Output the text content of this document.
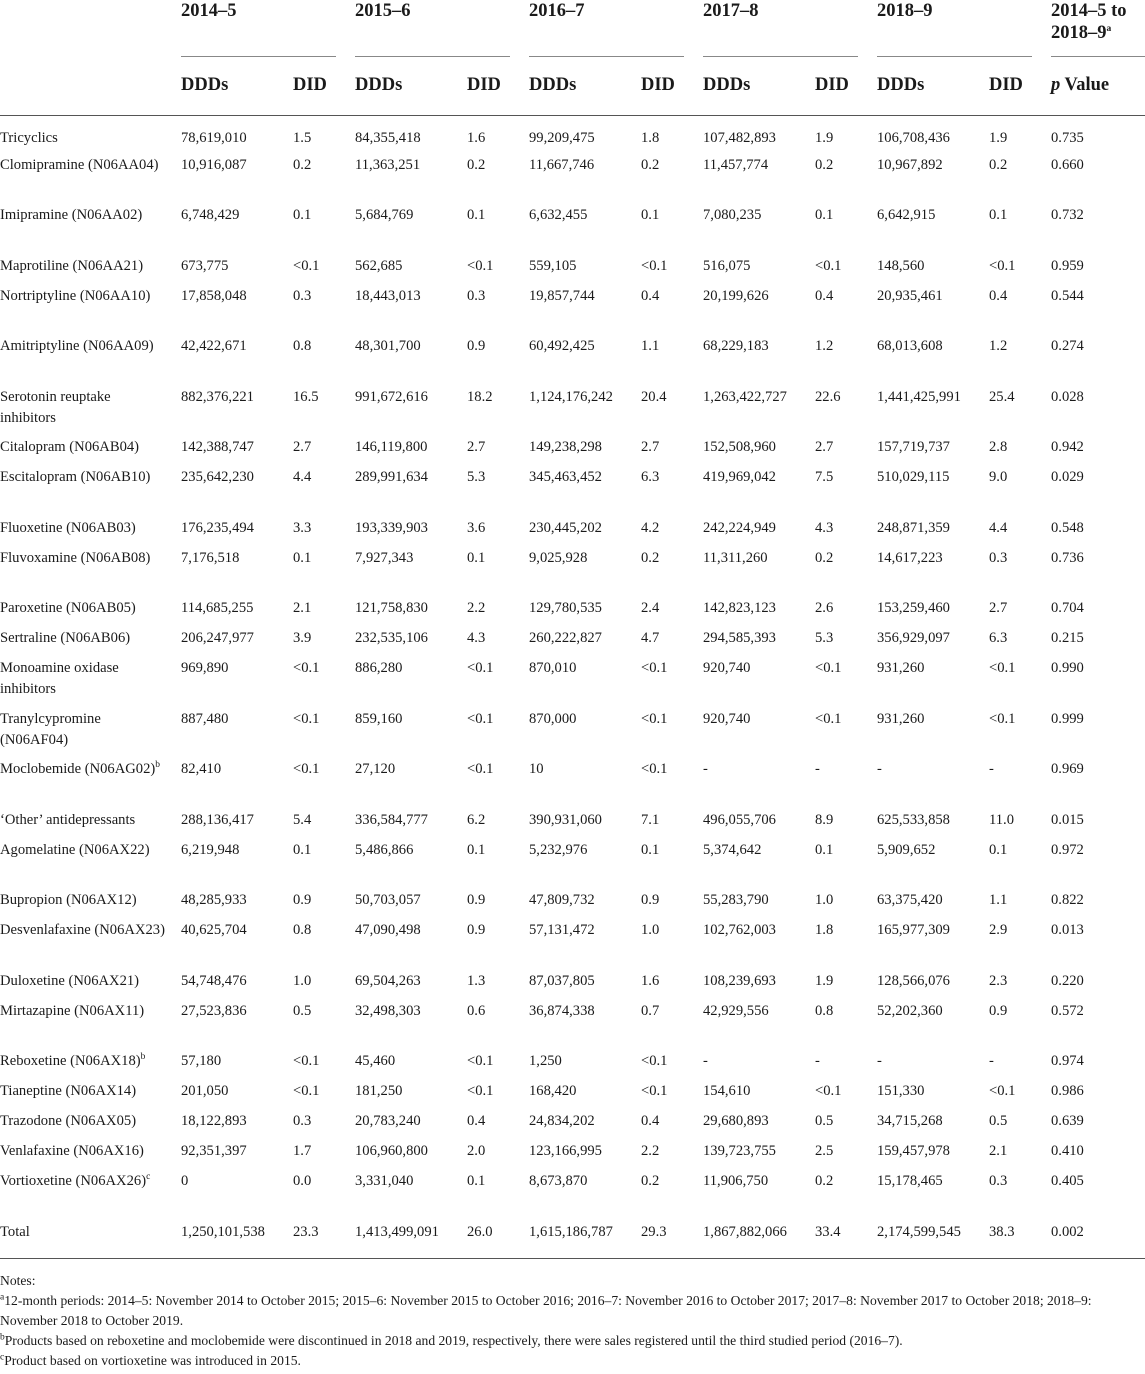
	2014–5		2015–6		2016–7		2017–8		2018–9		2014–5 to
2018–9$^a$
	DDDs	DID	DDDs	DID	DDDs	DID	DDDs	DID	DDDs	DID	p Value
Tricyclics	78,619,010	1.5	84,355,418	1.6	99,209,475	1.8	107,482,893	1.9	106,708,436	1.9	0.735
Clomipramine (N06AA04)	10,916,087	0.2	11,363,251	0.2	11,667,746	0.2	11,457,774	0.2	10,967,892	0.2	0.660
Imipramine (N06AA02)	6,748,429	0.1	5,684,769	0.1	6,632,455	0.1	7,080,235	0.1	6,642,915	0.1	0.732
Maprotiline (N06AA21)	673,775	<0.1	562,685	<0.1	559,105	<0.1	516,075	<0.1	148,560	<0.1	0.959
Nortriptyline (N06AA10)	17,858,048	0.3	18,443,013	0.3	19,857,744	0.4	20,199,626	0.4	20,935,461	0.4	0.544
Amitriptyline (N06AA09)	42,422,671	0.8	48,301,700	0.9	60,492,425	1.1	68,229,183	1.2	68,013,608	1.2	0.274
Serotonin reuptake inhibitors	882,376,221	16.5	991,672,616	18.2	1,124,176,242	20.4	1,263,422,727	22.6	1,441,425,991	25.4	0.028
Citalopram (N06AB04)	142,388,747	2.7	146,119,800	2.7	149,238,298	2.7	152,508,960	2.7	157,719,737	2.8	0.942
Escitalopram (N06AB10)	235,642,230	4.4	289,991,634	5.3	345,463,452	6.3	419,969,042	7.5	510,029,115	9.0	0.029
Fluoxetine (N06AB03)	176,235,494	3.3	193,339,903	3.6	230,445,202	4.2	242,224,949	4.3	248,871,359	4.4	0.548
Fluvoxamine (N06AB08)	7,176,518	0.1	7,927,343	0.1	9,025,928	0.2	11,311,260	0.2	14,617,223	0.3	0.736
Paroxetine (N06AB05)	114,685,255	2.1	121,758,830	2.2	129,780,535	2.4	142,823,123	2.6	153,259,460	2.7	0.704
Sertraline (N06AB06)	206,247,977	3.9	232,535,106	4.3	260,222,827	4.7	294,585,393	5.3	356,929,097	6.3	0.215
Monoamine oxidase inhibitors	969,890	<0.1	886,280	<0.1	870,010	<0.1	920,740	<0.1	931,260	<0.1	0.990
Tranylcypromine (N06AF04)	887,480	<0.1	859,160	<0.1	870,000	<0.1	920,740	<0.1	931,260	<0.1	0.999
Moclobemide $(N06AG02)^b$	82,410	<0.1	27,120	<0.1	10	<0.1	-	-	-	-	0.969
‘Other’ antidepressants	288,136,417	5.4	336,584,777	6.2	390,931,060	7.1	496,055,706	8.9	625,533,858	11.0	0.015
Agomelatine (N06AX22)	6,219,948	0.1	5,486,866	0.1	5,232,976	0.1	5,374,642	0.1	5,909,652	0.1	0.972
Bupropion (N06AX12)	48,285,933	0.9	50,703,057	0.9	47,809,732	0.9	55,283,790	1.0	63,375,420	1.1	0.822
Desvenlafaxine (N06AX23)	40,625,704	0.8	47,090,498	0.9	57,131,472	1.0	102,762,003	1.8	165,977,309	2.9	0.013
Duloxetine (N06AX21)	54,748,476	1.0	69,504,263	1.3	87,037,805	1.6	108,239,693	1.9	128,566,076	2.3	0.220
Mirtazapine (N06AX11)	27,523,836	0.5	32,498,303	0.6	36,874,338	0.7	42,929,556	0.8	52,202,360	0.9	0.572
Reboxetine $(N06AX18)^b$	57,180	<0.1	45,460	<0.1	1,250	<0.1	-	-	-	-	0.974
Tianeptine (N06AX14)	201,050	<0.1	181,250	<0.1	168,420	<0.1	154,610	<0.1	151,330	<0.1	0.986
Trazodone (N06AX05)	18,122,893	0.3	20,783,240	0.4	24,834,202	0.4	29,680,893	0.5	34,715,268	0.5	0.639
Venlafaxine (N06AX16)	92,351,397	1.7	106,960,800	2.0	123,166,995	2.2	139,723,755	2.5	159,457,978	2.1	0.410
Vortioxetine $(N06AX26)^c$	0	0.0	3,331,040	0.1	8,673,870	0.2	11,906,750	0.2	15,178,465	0.3	0.405
Total	1,250,101,538	23.3	1,413,499,091	26.0	1,615,186,787	29.3	1,867,882,066	33.4	2,174,599,545	38.3	0.002

Notes:

$^a$12-month periods: 2014–5: November 2014 to October 2015; 2015–6: November 2015 to October 2016; 2016–7: November 2016 to October 2017; 2017–8: November 2017 to October 2018; 2018–9: November 2018 to October 2019.

$^b$Products based on reboxetine and moclobemide were discontinued in 2018 and 2019, respectively, there were sales registered until the third studied period (2016–7).

$^c$Product based on vortioxetine was introduced in 2015.
